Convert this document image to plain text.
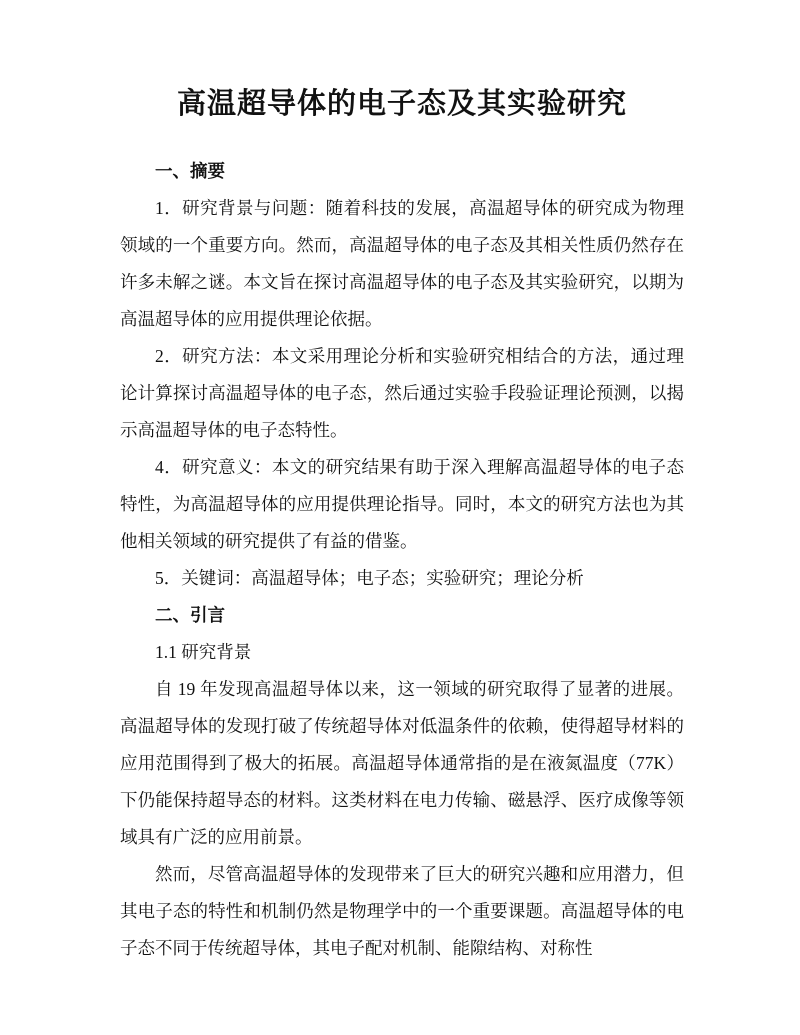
高温超导体的电子态及其实验研究

一、摘要

1．研究背景与问题：随着科技的发展，高温超导体的研究成为物理领域的一个重要方向。然而，高温超导体的电子态及其相关性质仍然存在许多未解之谜。本文旨在探讨高温超导体的电子态及其实验研究，以期为高温超导体的应用提供理论依据。

2．研究方法：本文采用理论分析和实验研究相结合的方法，通过理论计算探讨高温超导体的电子态，然后通过实验手段验证理论预测，以揭示高温超导体的电子态特性。

4．研究意义：本文的研究结果有助于深入理解高温超导体的电子态特性，为高温超导体的应用提供理论指导。同时，本文的研究方法也为其他相关领域的研究提供了有益的借鉴。

5．关键词：高温超导体；电子态；实验研究；理论分析

二、引言

1.1 研究背景

自 19 年发现高温超导体以来，这一领域的研究取得了显著的进展。高温超导体的发现打破了传统超导体对低温条件的依赖，使得超导材料的应用范围得到了极大的拓展。高温超导体通常指的是在液氮温度（77K）下仍能保持超导态的材料。这类材料在电力传输、磁悬浮、医疗成像等领域具有广泛的应用前景。

然而，尽管高温超导体的发现带来了巨大的研究兴趣和应用潜力，但其电子态的特性和机制仍然是物理学中的一个重要课题。高温超导体的电子态不同于传统超导体，其电子配对机制、能隙结构、对称性
